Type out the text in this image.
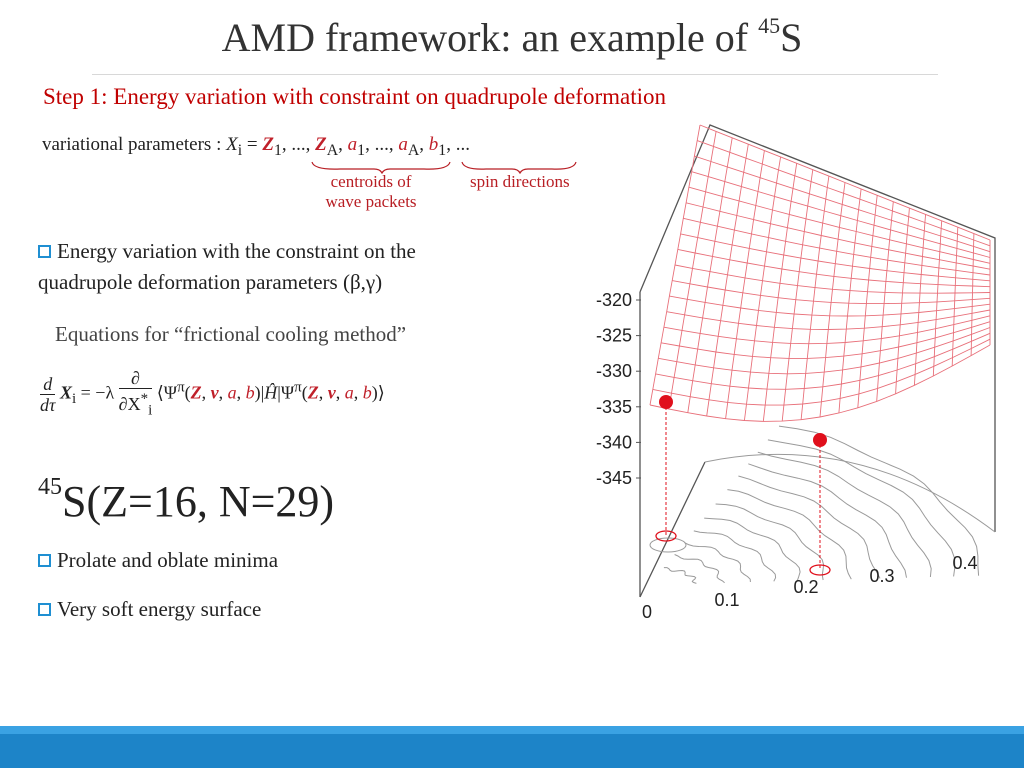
AMD framework: an example of $^{45}$S
Step 1: Energy variation with constraint on quadrupole deformation
variational parameters : $X_i = Z_1$, ..., $Z_A$, $a_1$, ..., $a_A$, $b_1$, ...
centroids of
wave packets
spin directions
Energy variation with the constraint on the
quadrupole deformation parameters (β,γ)
Equations for “frictional cooling method”
$\frac{d}{d\tau} X_i = -\lambda$
∂
$\partial X^*_i$
$⟨\Psi^\pi(Z$, ν, a, $b)|Ĥ|\Psi^\pi(Z$, ν, a, b)⟩
$^{45}$S(Z=16, N=29)
Prolate and oblate minima
Very soft energy surface
-320
-325
-330
-335
-340
-345
0
0.1
0.2
0.3
0.4
